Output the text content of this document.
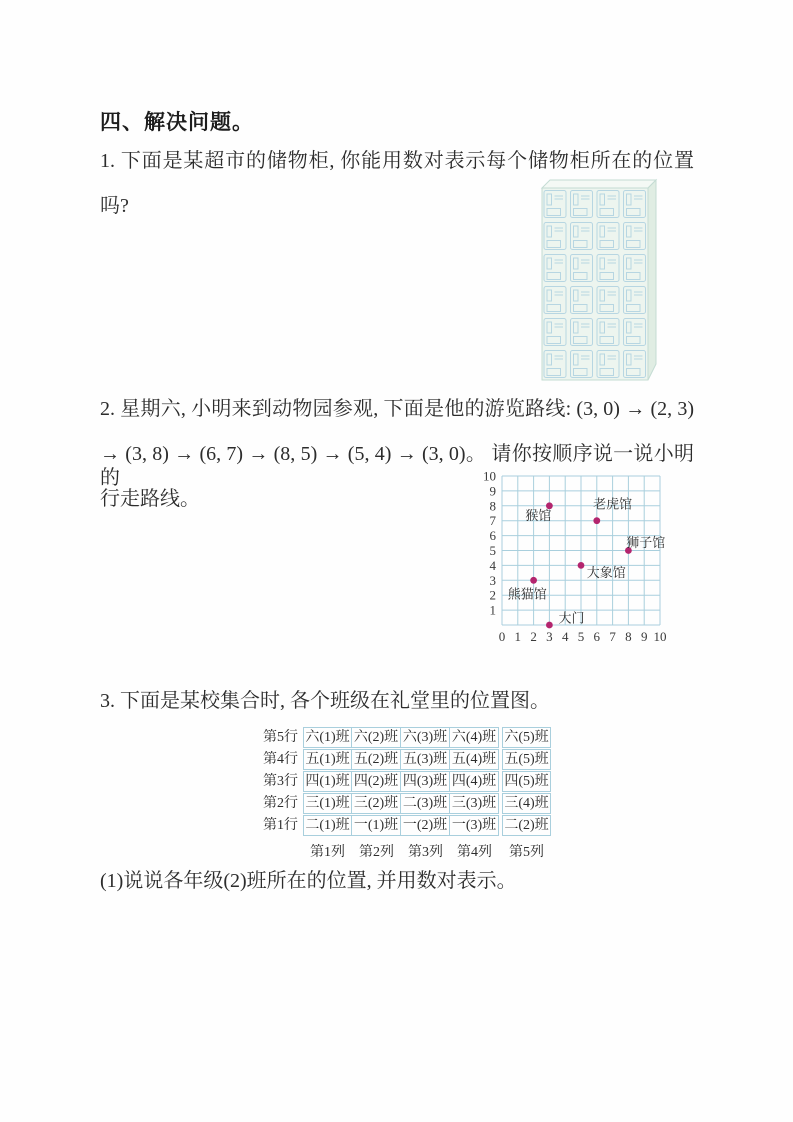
四、解决问题。
1. 下面是某超市的储物柜, 你能用数对表示每个储物柜所在的位置
吗?
2. 星期六, 小明来到动物园参观, 下面是他的游览路线: (3, 0) → (2, 3)
→ (3, 8) → (6, 7) → (8, 5) → (5, 4) → (3, 0)。 请你按顺序说一说小明的
行走路线。
1
2
3
4
5
6
7
8
9
10
0 1 2 3 4 5 6 7 8 9 10
大门
熊猫馆
猴馆
老虎馆
狮子馆
大象馆
3. 下面是某校集合时, 各个班级在礼堂里的位置图。
第5行 六(1)班 六(2)班 六(3)班 六(4)班 六(5)班
第4行 五(1)班 五(2)班 五(3)班 五(4)班 五(5)班
第3行 四(1)班 四(2)班 四(3)班 四(4)班 四(5)班
第2行 三(1)班 三(2)班 二(3)班 三(3)班 三(4)班
第1行 二(1)班 一(1)班 一(2)班 一(3)班 二(2)班
第1列	第2列	第3列	第4列	第5列
(1)说说各年级(2)班所在的位置, 并用数对表示。
